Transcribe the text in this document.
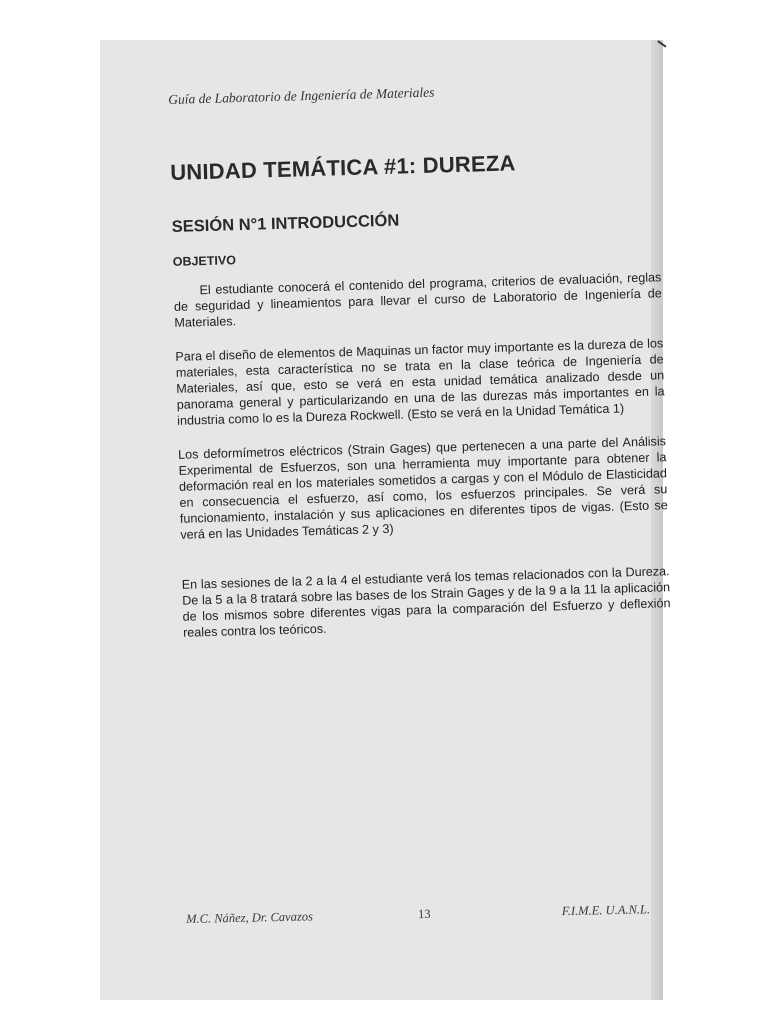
Guía de Laboratorio de Ingeniería de Materiales
UNIDAD TEMÁTICA #1: DUREZA
SESIÓN N°1 INTRODUCCIÓN
OBJETIVO

El estudiante conocerá el contenido del programa, criterios de evaluación, reglas de seguridad y lineamientos para llevar el curso de Laboratorio de Ingeniería de Materiales.

Para el diseño de elementos de Maquinas un factor muy importante es la dureza de los materiales, esta característica no se trata en la clase teórica de Ingeniería de Materiales, así que, esto se verá en esta unidad temática analizado desde un panorama general y particularizando en una de las durezas más importantes en la industria como lo es la Dureza Rockwell. (Esto se verá en la Unidad Temática 1)

Los deformímetros eléctricos (Strain Gages) que pertenecen a una parte del Análisis Experimental de Esfuerzos, son una herramienta muy importante para obtener la deformación real en los materiales sometidos a cargas y con el Módulo de Elasticidad en consecuencia el esfuerzo, así como, los esfuerzos principales. Se verá su funcionamiento, instalación y sus aplicaciones en diferentes tipos de vigas. (Esto se verá en las Unidades Temáticas 2 y 3)

En las sesiones de la 2 a la 4 el estudiante verá los temas relacionados con la Dureza. De la 5 a la 8 tratará sobre las bases de los Strain Gages y de la 9 a la 11 la aplicación de los mismos sobre diferentes vigas para la comparación del Esfuerzo y deflexión reales contra los teóricos.

M.C. Náñez, Dr. Cavazos	13	F.I.M.E. U.A.N.L.
